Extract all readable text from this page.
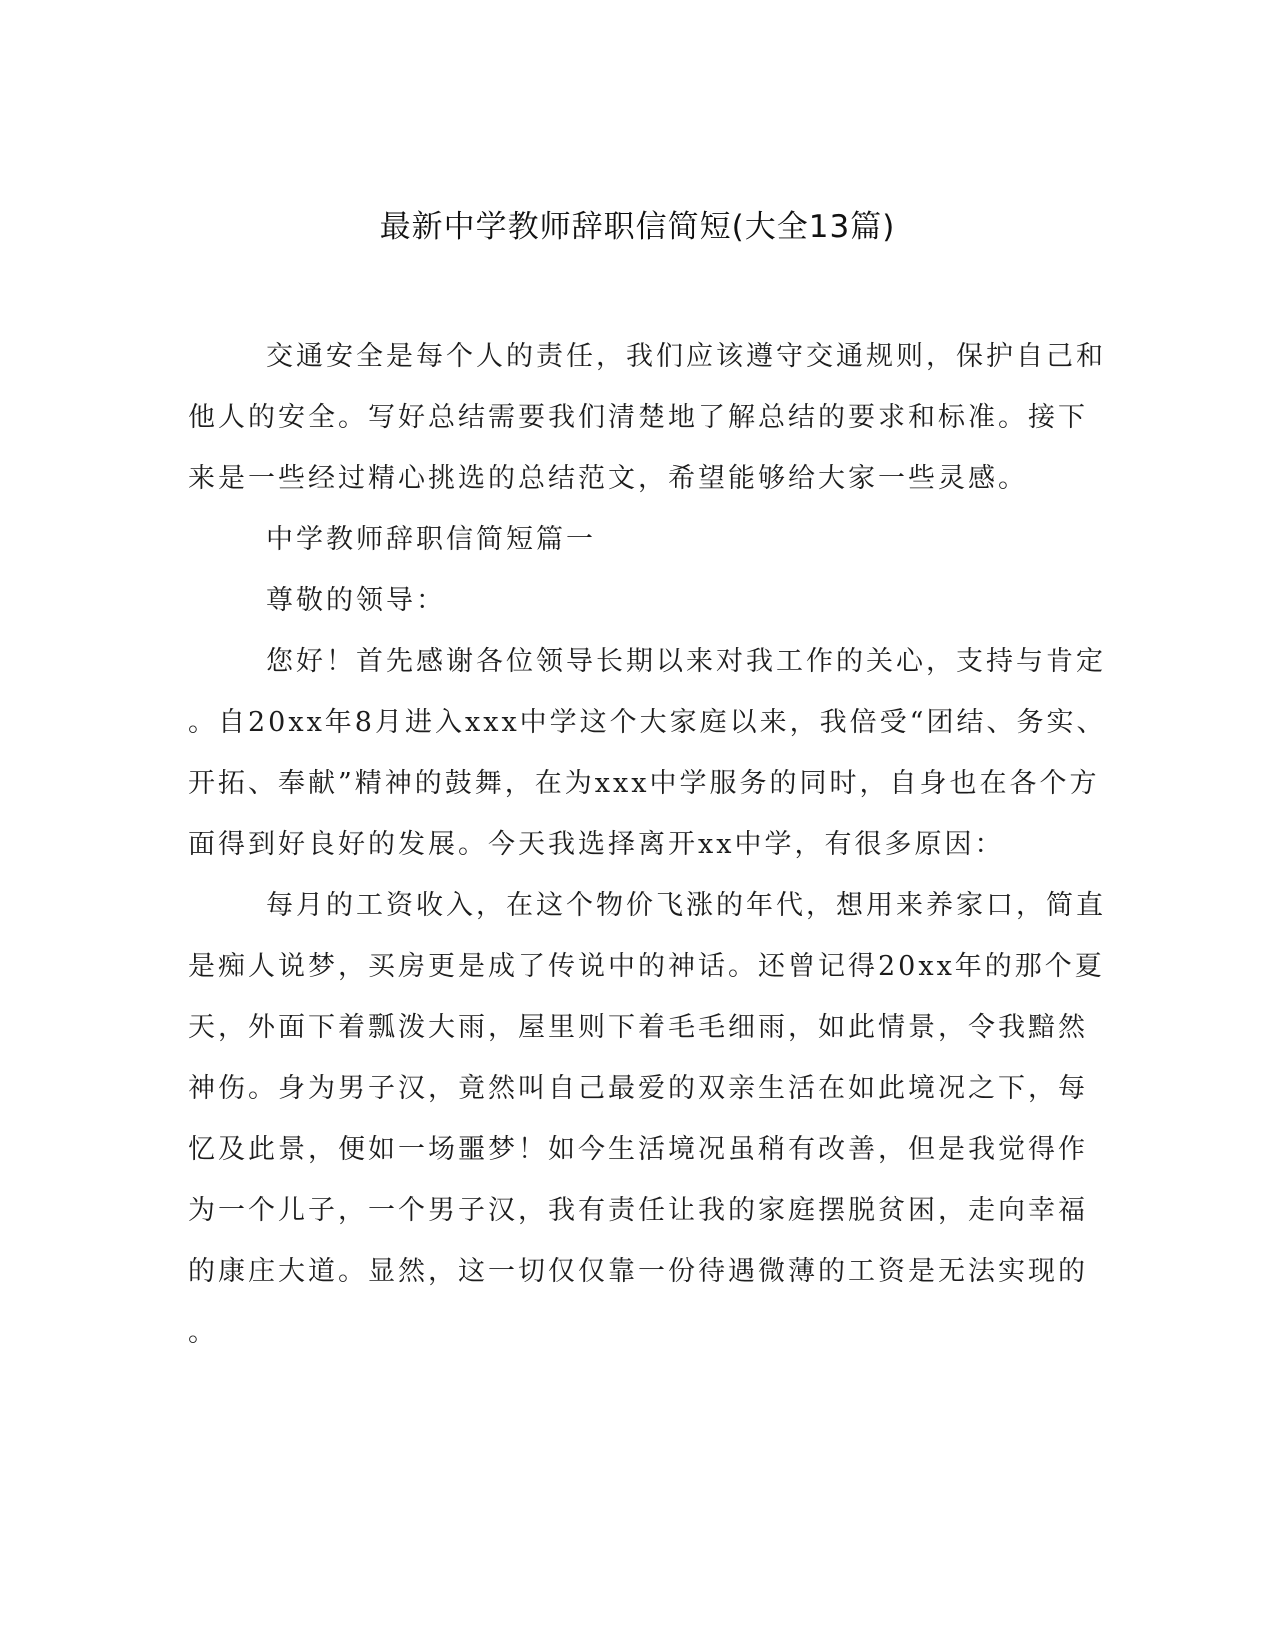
最新中学教师辞职信简短(大全13篇)
交通安全是每个人的责任，我们应该遵守交通规则，保护自己和
他人的安全。写好总结需要我们清楚地了解总结的要求和标准。接下
来是一些经过精心挑选的总结范文，希望能够给大家一些灵感。
中学教师辞职信简短篇一
尊敬的领导：
您好！首先感谢各位领导长期以来对我工作的关心，支持与肯定
。自20xx年8月进入xxx中学这个大家庭以来，我倍受“团结、务实、
开拓、奉献”精神的鼓舞，在为xxx中学服务的同时，自身也在各个方
面得到好良好的发展。今天我选择离开xx中学，有很多原因：
每月的工资收入，在这个物价飞涨的年代，想用来养家口，简直
是痴人说梦，买房更是成了传说中的神话。还曾记得20xx年的那个夏
天，外面下着瓢泼大雨，屋里则下着毛毛细雨，如此情景，令我黯然
神伤。身为男子汉，竟然叫自己最爱的双亲生活在如此境况之下，每
忆及此景，便如一场噩梦！如今生活境况虽稍有改善，但是我觉得作
为一个儿子，一个男子汉，我有责任让我的家庭摆脱贫困，走向幸福
的康庄大道。显然，这一切仅仅靠一份待遇微薄的工资是无法实现的
。
